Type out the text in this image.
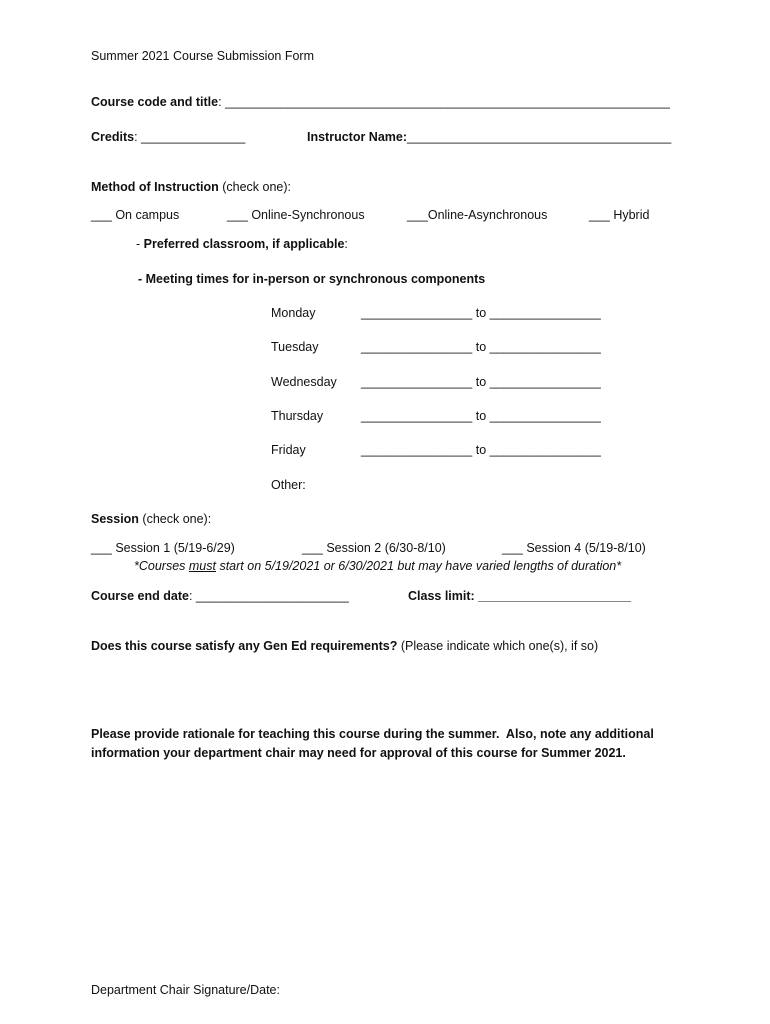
Summer 2021 Course Submission Form
Course code and title: ________________________________________________________________
Credits: _______________	Instructor Name:______________________________________
Method of Instruction (check one):
___ On campus	___ Online-Synchronous	___Online-Asynchronous	___ Hybrid
- Preferred classroom, if applicable:
- Meeting times for in-person or synchronous components
Monday	________________ to ________________
Tuesday	________________ to ________________
Wednesday ________________ to ________________
Thursday	________________ to ________________
Friday	________________ to ________________
Other:
Session (check one):
___ Session 1 (5/19-6/29)	___ Session 2 (6/30-8/10)	___ Session 4 (5/19-8/10)
*Courses must start on 5/19/2021 or 6/30/2021 but may have varied lengths of duration*
Course end date: ______________________	Class limit: ______________________
Does this course satisfy any Gen Ed requirements? (Please indicate which one(s), if so)
Please provide rationale for teaching this course during the summer.  Also, note any additional
information your department chair may need for approval of this course for Summer 2021.
Department Chair Signature/Date:
